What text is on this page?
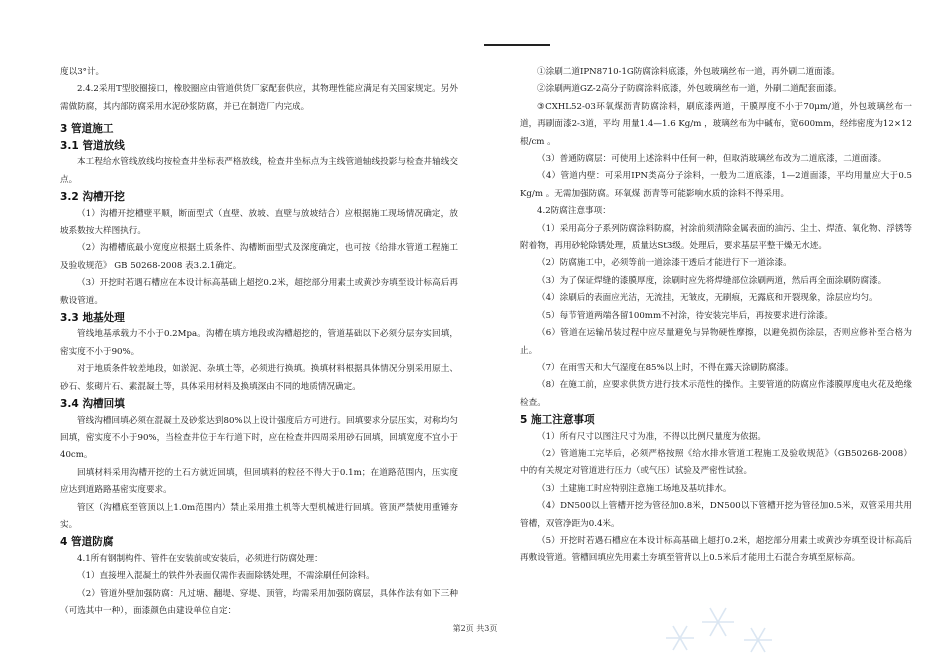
度以3°计。

2.4.2采用T型胶圈接口，橡胶圈应由管道供货厂家配套供应，其物理性能应满足有关国家规定。另外需做防腐，其内部防腐采用水泥砂浆防腐，并已在制造厂内完成。

3 管道施工
3.1 管道放线

本工程给水管线放线均按检查井坐标表严格放线，检查井坐标点为主线管道轴线投影与检查井轴线交点。

3.2 沟槽开挖

（1）沟槽开挖槽壁平顺，断面型式（直壁、放坡、直壁与放坡结合）应根据施工现场情况确定，放坡系数按大样图执行。

（2）沟槽槽底最小宽度应根据土质条件、沟槽断面型式及深度确定，也可按《给排水管道工程施工及验收规范》 GB 50268-2008 表3.2.1确定。

（3）开挖时若遇石槽应在本设计标高基础上超挖0.2米，超挖部分用素土或黄沙夯填至设计标高后再敷设管道。

3.3 地基处理

管线地基承载力不小于0.2Mpa。沟槽在填方地段或沟槽超挖的，管道基础以下必须分层夯实回填，密实度不小于90%。

对于地质条件较差地段，如淤泥、杂填土等，必须进行换填。换填材料根据具体情况分别采用原土、砂石、浆砌片石、素混凝土等，具体采用材料及换填深由不同的地质情况确定。

3.4 沟槽回填

管线沟槽回填必须在混凝土及砂浆达到80%以上设计强度后方可进行。回填要求分层压实，对称均匀回填，密实度不小于90%，当检查井位于车行道下时，应在检查井四周采用砂石回填，回填宽度不宜小于40cm。

回填材料采用沟槽开挖的土石方就近回填，但回填料的粒径不得大于0.1m；在道路范围内，压实度应达到道路路基密实度要求。

管区（沟槽底至管顶以上1.0m范围内）禁止采用推土机等大型机械进行回填。管顶严禁使用重锤夯实。

4 管道防腐

4.1所有钢制构件、管件在安装前或安装后，必须进行防腐处理：

（1）直接埋入混凝土的铁件外表面仅需作表面除锈处理，不需涂刷任何涂料。

（2）管道外壁加强防腐：凡过塘、翻堤、穿堤、顶管，均需采用加强防腐层，具体作法有如下三种（可选其中一种），面漆颜色由建设单位自定：

①涂刷二道IPN8710-1G防腐涂料底漆，外包玻璃丝布一道，再外刷二道面漆。

②涂刷两道GZ-2高分子防腐涂料底漆，外包玻璃丝布一道，外刷二道配套面漆。

③CXHL52-03环氧煤沥青防腐涂料，刷底漆两道，干膜厚度不小于70μm/道，外包玻璃丝布一道，再刷面漆2-3道，平均 用量1.4—1.6 Kg/m ，玻璃丝布为中碱布，宽600mm，经纬密度为12×12根/cm 。

（3）普通防腐层：可使用上述涂料中任何一种，但取消玻璃丝布改为二道底漆，二道面漆。

（4）管道内壁：可采用IPN类高分子涂料，一般为二道底漆，1—2道面漆，平均用量应大于0.5 Kg/m 。无需加强防腐。环氧煤 沥青等可能影响水质的涂料不得采用。

4.2防腐注意事项：

（1）采用高分子系列防腐涂料防腐，衬涂前须清除金属表面的油污、尘土、焊渣、氧化物、浮锈等附着物，再用砂轮除锈处理，质量达St3级。处理后，要求基层平整干燥无水迹。

（2）防腐施工中，必须等前一道涂漆干透后才能进行下一道涂漆。

（3）为了保证焊缝的漆膜厚度，涂刷时应先将焊缝部位涂刷两道，然后再全面涂刷防腐漆。

（4）涂刷后的表面应光洁，无流挂，无皱皮，无刷痕，无露底和开裂现象，涂层应均匀。

（5）每节管道两端各留100mm不衬涂，待安装完毕后，再按要求进行涂漆。

（6）管道在运输吊装过程中应尽量避免与异物硬性摩擦，以避免损伤涂层，否则应修补至合格为止。

（7）在雨雪天和大气湿度在85%以上时，不得在露天涂刷防腐漆。

（8）在施工前，应要求供货方进行技术示范性的操作。主要管道的防腐应作漆膜厚度电火花及绝缘检查。

5 施工注意事项

（1）所有尺寸以图注尺寸为准，不得以比例尺量度为依据。

（2）管道施工完毕后，必须严格按照《给水排水管道工程施工及验收规范》（GB50268-2008）中的有关规定对管道进行压力（或气压）试验及严密性试验。

（3）土建施工时应特别注意施工场地及基坑排水。

（4）DN500以上管槽开挖为管径加0.8米，DN500以下管槽开挖为管径加0.5米，双管采用共用管槽，双管净距为0.4米。

（5）开挖时若遇石槽应在本设计标高基础上超打0.2米，超挖部分用素土或黄沙夯填至设计标高后再敷设管道。管槽回填应先用素土夯填至管背以上0.5米后才能用土石混合夯填至原标高。

第2页 共3页
